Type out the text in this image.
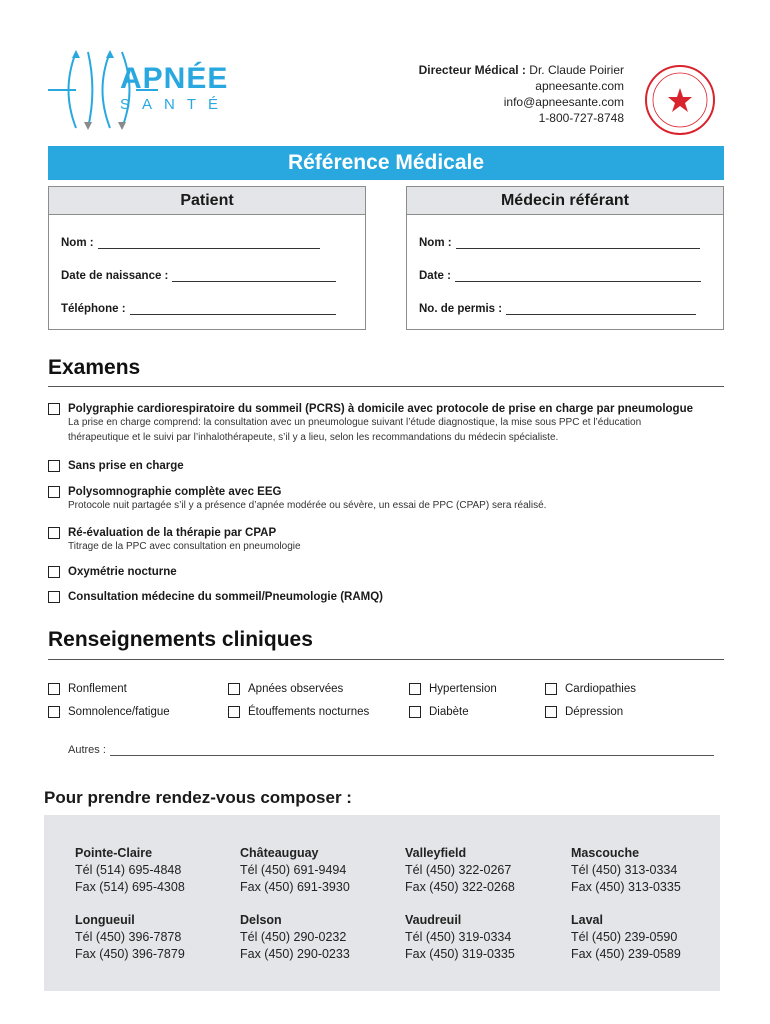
APNÉE
SANTÉ
Directeur Médical : Dr. Claude Poirier
apneesante.com
info@apneesante.com
1-800-727-8748
Référence Médicale
Patient
Nom :
Date de naissance :
Téléphone :
Médecin référant
Nom :
Date :
No. de permis :
Examens
Polygraphie cardiorespiratoire du sommeil (PCRS) à domicile avec protocole de prise en charge par pneumologue
La prise en charge comprend: la consultation avec un pneumologue suivant l’étude diagnostique, la mise sous PPC et l’éducation
thérapeutique et le suivi par l’inhalothérapeute, s’il y a lieu, selon les recommandations du médecin spécialiste.
Sans prise en charge
Polysomnographie complète avec EEG
Protocole nuit partagée s’il y a présence d’apnée modérée ou sévère, un essai de PPC (CPAP) sera réalisé.
Ré-évaluation de la thérapie par CPAP
Titrage de la PPC avec consultation en pneumologie
Oxymétrie nocturne
Consultation médecine du sommeil/Pneumologie (RAMQ)
Renseignements cliniques
Ronflement	Apnées observées	Hypertension	Cardiopathies
Somnolence/fatigue	Étouffements nocturnes	Diabète	Dépression
Autres :
Pour prendre rendez-vous composer :
Pointe-Claire
Tél (514) 695-4848
Fax (514) 695-4308
Châteauguay
Tél (450) 691-9494
Fax (450) 691-3930
Valleyfield
Tél (450) 322-0267
Fax (450) 322-0268
Mascouche
Tél (450) 313-0334
Fax (450) 313-0335
Longueuil
Tél (450) 396-7878
Fax (450) 396-7879
Delson
Tél (450) 290-0232
Fax (450) 290-0233
Vaudreuil
Tél (450) 319-0334
Fax (450) 319-0335
Laval
Tél (450) 239-0590
Fax (450) 239-0589
